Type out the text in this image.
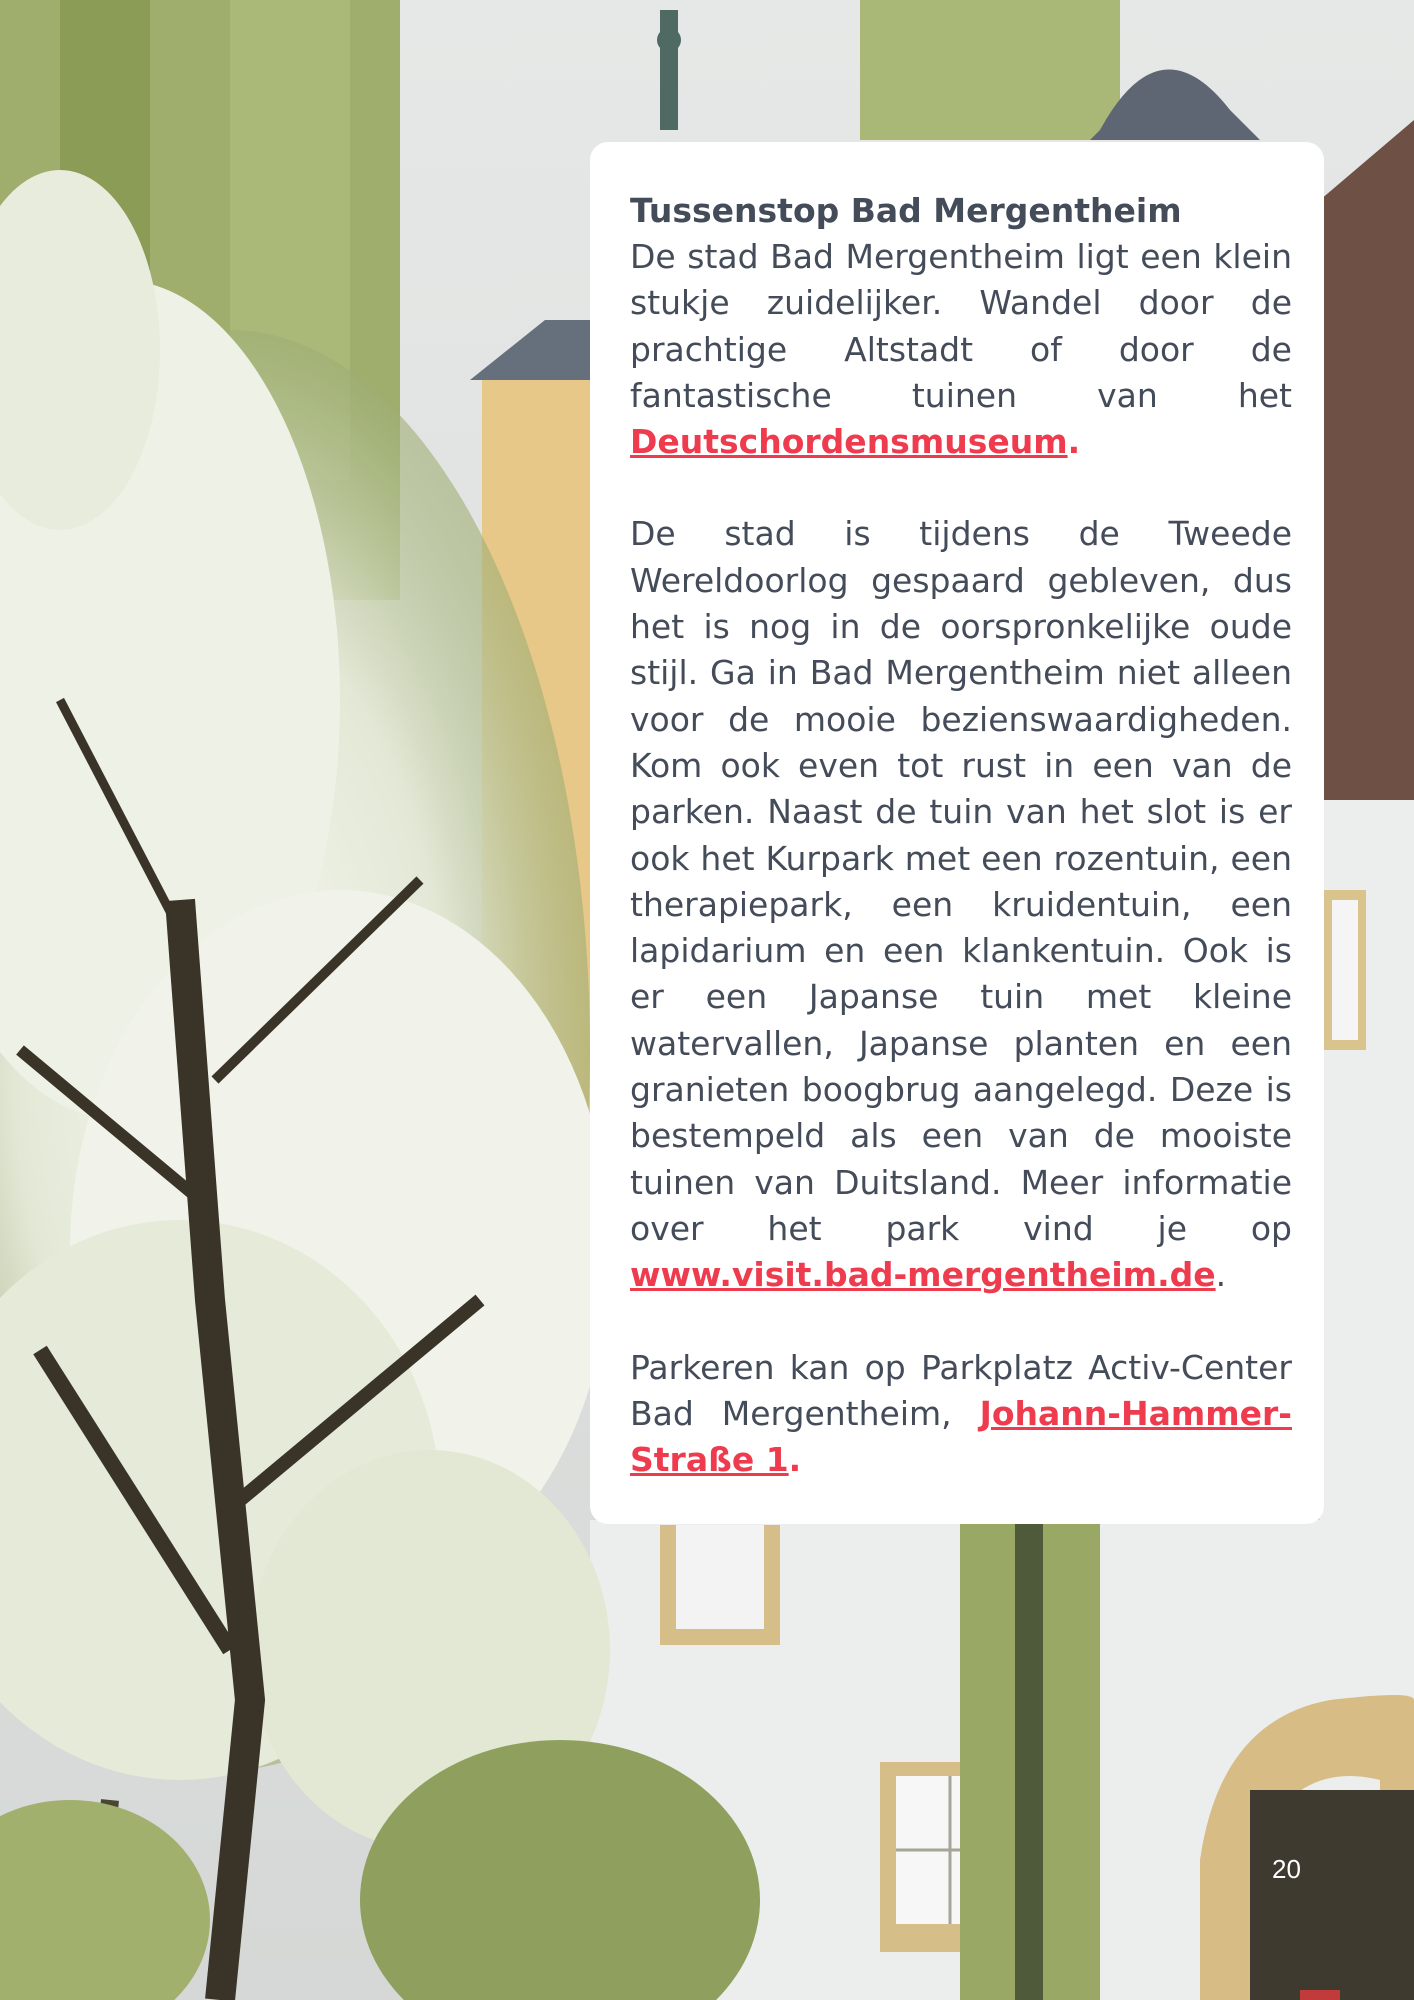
Tussenstop Bad Mergentheim

De stad Bad Mergentheim ligt een klein stukje zuidelijker. Wandel door de prachtige Altstadt of door de fantastische tuinen van het Deutschordensmuseum.

De stad is tijdens de Tweede Wereldoorlog gespaard gebleven, dus het is nog in de oorspronkelijke oude stijl. Ga in Bad Mergentheim niet alleen voor de mooie bezienswaardigheden. Kom ook even tot rust in een van de parken. Naast de tuin van het slot is er ook het Kurpark met een rozentuin, een therapiepark, een kruidentuin, een lapidarium en een klankentuin. Ook is er een Japanse tuin met kleine watervallen, Japanse planten en een granieten boogbrug aangelegd. Deze is bestempeld als een van de mooiste tuinen van Duitsland. Meer informatie over het park vind je op www.visit.bad-mergentheim.de.

Parkeren kan op Parkplatz Activ-Center Bad Mergentheim, Johann-Hammer-Straße 1.

20
